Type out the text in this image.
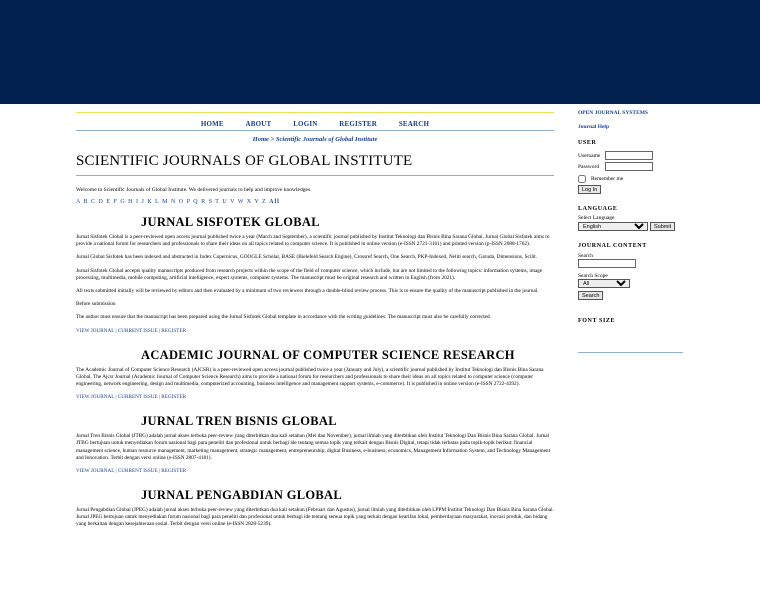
HOME	ABOUT	LOGIN	REGISTER	SEARCH
Home > Scientific Journals of Global Institute
SCIENTIFIC JOURNALS OF GLOBAL INSTITUTE
Welcome to Scientific Journals of Global Institute. We delivered journals to help and improve knowledges.
A B C D E F G H I J K L M N O P Q R S T U V W X Y Z All
JURNAL SISFOTEK GLOBAL

Jurnal Sisfotek Global is a peer-reviewed open access journal published twice a year (March and September), a scientific journal published by Institut Teknologi dan Bisnis Bina Sarana Global. Jurnal Global Sisfotek aims to provide a national forum for researchers and professionals to share their ideas on all topics related to computer science. It is published in online version (e-ISSN 2721-3161) and printed version (p-ISSN 2088-1762).

Jurnal Global Sisfotek has been indexed and abstracted in Index Copernicus, GOOGLE Scholar, BASE (Bielefeld Search Engine), Crossref Search, One Search, PKP-Indexed, Neliti search, Garuda, Dimensions, Scilit.

Jurnal Sisfotek Global accepts quality manuscripts produced from research projects within the scope of the field of computer science, which include, but are not limited to the following topics: information systems, image processing, multimedia, mobile computing, artificial intelligence, expert systems, computer systems. The manuscript must be original research and written in English (from 2021).

All texts submitted initially will be reviewed by editors and then evaluated by a minimum of two reviewers through a double-blind review process. This is to ensure the quality of the manuscript published in the journal.

Before submission

The author must ensure that the manuscript has been prepared using the Jurnal Sisfotek Global template in accordance with the writing guidelines. The manuscript must also be carefully corrected.

VIEW JOURNAL | CURRENT ISSUE | REGISTER
ACADEMIC JOURNAL OF COMPUTER SCIENCE RESEARCH

The Academic Journal of Computer Science Research (AJCSR) is a peer-reviewed open access journal published twice a year (January and July), a scientific journal published by Institut Teknologi dan Bisnis Bina Sarana Global. The Ajcsr Journal (Academic Journal of Computer Science Research) aims to provide a national forum for researchers and professionals to share their ideas on all topics related to computer science (computer engineering, network engineering, design and multimedia, computerized accounting, business intelligence and management support systems, e-commerce). It is published in online version (e-ISSN 2722-4392).

VIEW JOURNAL | CURRENT ISSUE | REGISTER
JURNAL TREN BISNIS GLOBAL

Jurnal Tren Bisnis Global (JTBG) adalah jurnal akses terbuka peer-review yang diterbitkan dua kali setahun (Mei dan November), jurnal ilmiah yang diterbitkan oleh Institut Teknologi Dan Bisnis Bina Sarana Global. Jurnal JTBG bertujuan untuk menyediakan forum nasional bagi para peneliti dan profesional untuk berbagi ide tentang semua topik yang terkait dengan Bisnis Digital, tetapi tidak terbatas pada topik-topik berikut: financial management science, human resource management, marketing management, strategic management, entrepreneurship, digital Business, e-business, economics, Management Information System, and Technology Management and Innovation. Terbit dengan versi online (e-ISSN 2807-4181).

VIEW JOURNAL | CURRENT ISSUE | REGISTER
JURNAL PENGABDIAN GLOBAL

Jurnal Pengabdian Global (JPEG) adalah jurnal akses terbuka peer-review yang diterbitkan dua kali setahun (Februari dan Agustus), jurnal ilmiah yang diterbitkan oleh LPPM Institut Teknologi Dan Bisnis Bina Sarana Global. Jurnal JPEG bertujuan untuk menyediakan forum nasional bagi para peneliti dan profesional untuk berbagi ide tentang semua topik yang terkait dengan kearifan lokal, pemberdayaan masyarakat, inovasi produk, dan bidang yang berkaitan dengan kesejahteraan sosial. Terbit dengan versi online (e-ISSN 2828-5239).

OPEN JOURNAL SYSTEMS
Journal Help
USER
Username
Password
Remember me
Log In
LANGUAGE
Select Language
English
Submit
JOURNAL CONTENT
Search
Search Scope
All
Search
FONT SIZE
